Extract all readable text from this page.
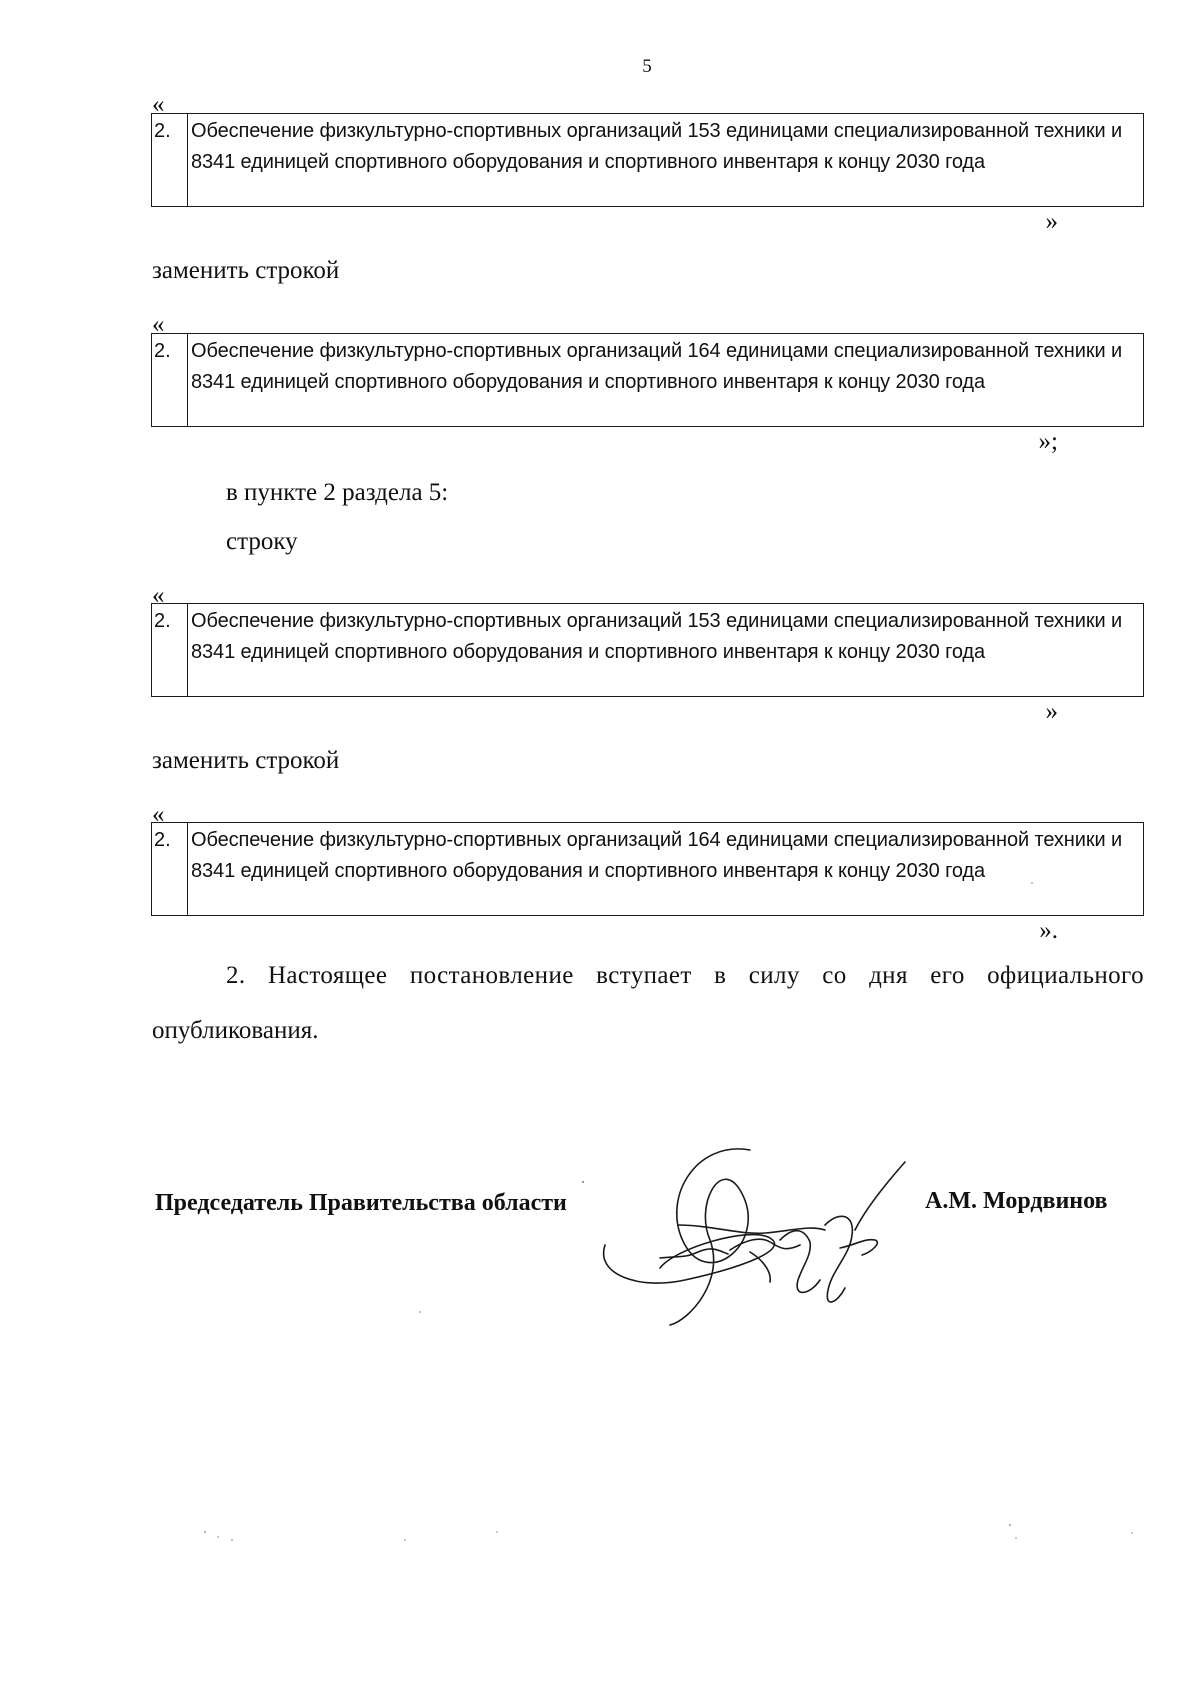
5
«
2.	Обеспечение физкультурно-спортивных организаций 153 единицами специализированной техники и 8341 единицей спортивного оборудования и спортивного инвентаря к концу 2030 года
»
заменить строкой
«
2.	Обеспечение физкультурно-спортивных организаций 164 единицами специализированной техники и 8341 единицей спортивного оборудования и спортивного инвентаря к концу 2030 года
»;
в пункте 2 раздела 5:
строку
«
2.	Обеспечение физкультурно-спортивных организаций 153 единицами специализированной техники и 8341 единицей спортивного оборудования и спортивного инвентаря к концу 2030 года
»
заменить строкой
«
2.	Обеспечение физкультурно-спортивных организаций 164 единицами специализированной техники и 8341 единицей спортивного оборудования и спортивного инвентаря к концу 2030 года
».
2. Настоящее постановление вступает в силу со дня его официального
опубликования.
Председатель Правительства области	А.М. Мордвинов
